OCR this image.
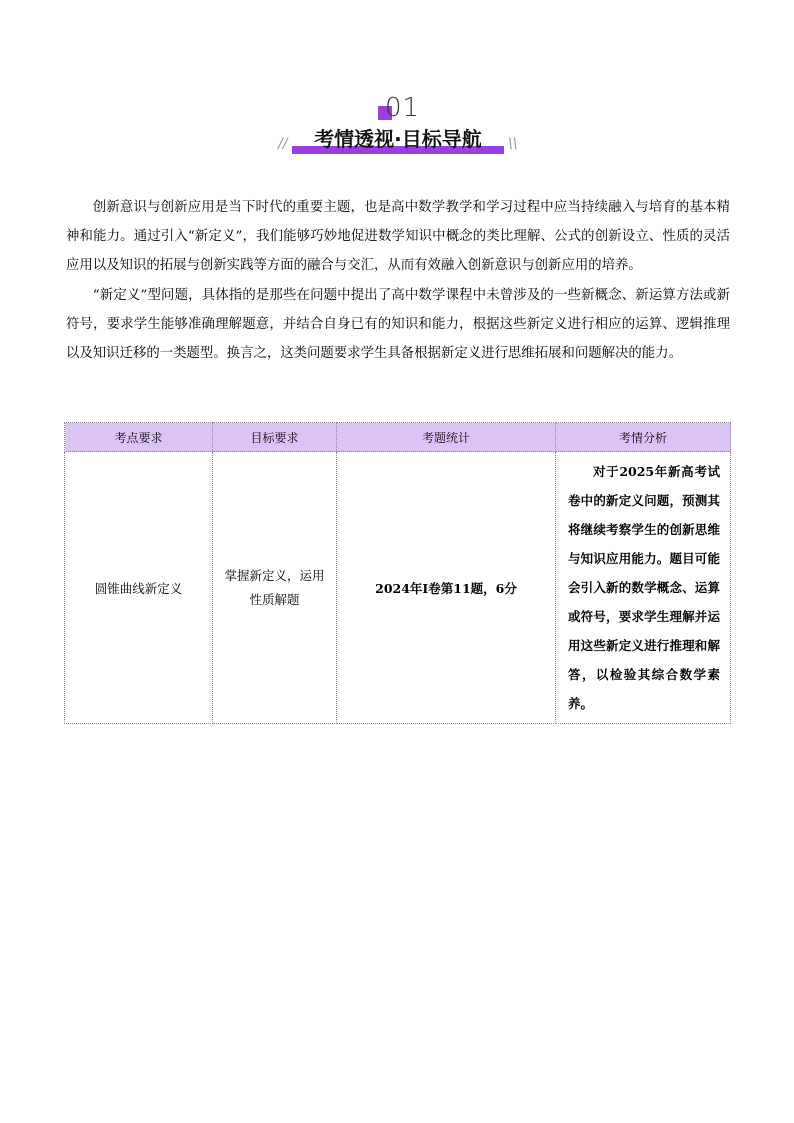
01
考情透视·目标导航
//	\\

创新意识与创新应用是当下时代的重要主题，也是高中数学教学和学习过程中应当持续融入与培育的基本精神和能力。通过引入“新定义”，我们能够巧妙地促进数学知识中概念的类比理解、公式的创新设立、性质的灵活应用以及知识的拓展与创新实践等方面的融合与交汇，从而有效融入创新意识与创新应用的培养。

“新定义”型问题，具体指的是那些在问题中提出了高中数学课程中未曾涉及的一些新概念、新运算方法或新符号，要求学生能够准确理解题意，并结合自身已有的知识和能力，根据这些新定义进行相应的运算、逻辑推理以及知识迁移的一类题型。换言之，这类问题要求学生具备根据新定义进行思维拓展和问题解决的能力。

考点要求	目标要求	考题统计	考情分析
圆锥曲线新定义	掌握新定义，运用性质解题	2024年I卷第11题，6分	对于2025年新高考试卷中的新定义问题，预测其将继续考察学生的创新思维与知识应用能力。题目可能会引入新的数学概念、运算或符号，要求学生理解并运用这些新定义进行推理和解答，以检验其综合数学素养。
